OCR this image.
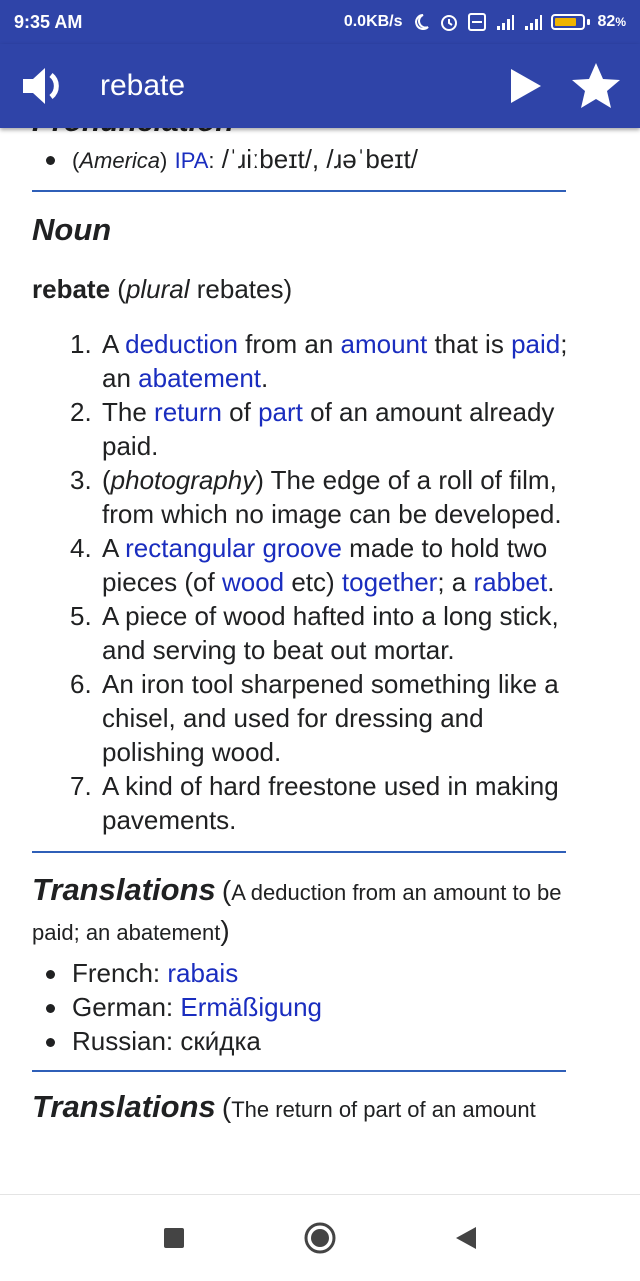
9:35 AM	0.0KB/s	82%
rebate
(America) IPA: /ˈɹiːbeɪt/, /ɹəˈbeɪt/
Noun
rebate (plural rebates)
1. A deduction from an amount that is paid; an abatement.
2. The return of part of an amount already paid.
3. (photography) The edge of a roll of film, from which no image can be developed.
4. A rectangular groove made to hold two pieces (of wood etc) together; a rabbet.
5. A piece of wood hafted into a long stick, and serving to beat out mortar.
6. An iron tool sharpened something like a chisel, and used for dressing and polishing wood.
7. A kind of hard freestone used in making pavements.
Translations (A deduction from an amount to be paid; an abatement)
French: rabais
German: Ermäßigung
Russian: ски́дка
Translations (The return of part of an amount
